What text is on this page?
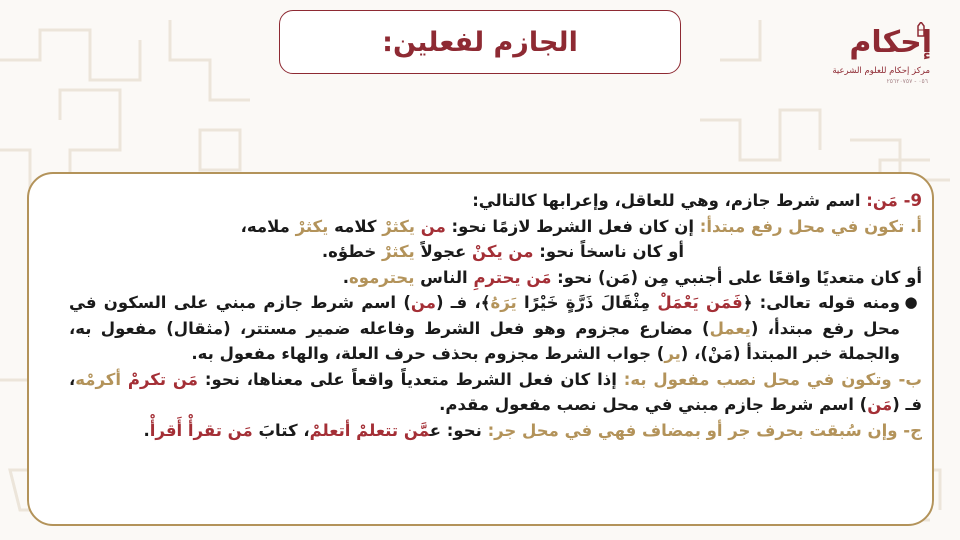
الجازم لفعلين:	إحكام
مركز إحكام للعلوم الشرعية
٠٥٦ - ٢٥٦٢٠٧٥٧
9- مَن: اسم شرط جازم، وهي للعاقل، وإعرابها كالتالي:
أ. تكون في محل رفع مبتدأ: إن كان فعل الشرط لازمًا نحو: من يكثرْ كلامه يكثرْ ملامه،
أو كان ناسخاً نحو: من يكنْ عجولاً يكثرْ خطؤه.
أو كان متعديًا واقعًا على أجنبي مِن (مَن) نحو: مَن يحترمِ الناس يحترموه.
●
ومنه قوله تعالى: ﴿فَمَن يَعْمَلْ مِثْقَالَ ذَرَّةٍ خَيْرًا يَرَهُ﴾، فـ (من) اسم شرط جازم مبني على السكون في محل رفع مبتدأ، (يعمل) مضارع مجزوم وهو فعل الشرط وفاعله ضمير مستتر، (مثقال) مفعول به، والجملة خبر المبتدأ (مَنْ)، (ير) جواب الشرط مجزوم بحذف حرف العلة، والهاء مفعول به.
ب- وتكون في محل نصب مفعول به: إذا كان فعل الشرط متعدياً واقعاً على معناها، نحو: مَن تكرمْ أكرمْه، فـ (مَن) اسم شرط جازم مبني في محل نصب مفعول مقدم.
ج- وإن سُبقت بحرف جر أو بمضاف فهي في محل جر: نحو: عمَّن تتعلمْ أتعلمْ، كتابَ مَن تقرأْ أَقرأْ.
